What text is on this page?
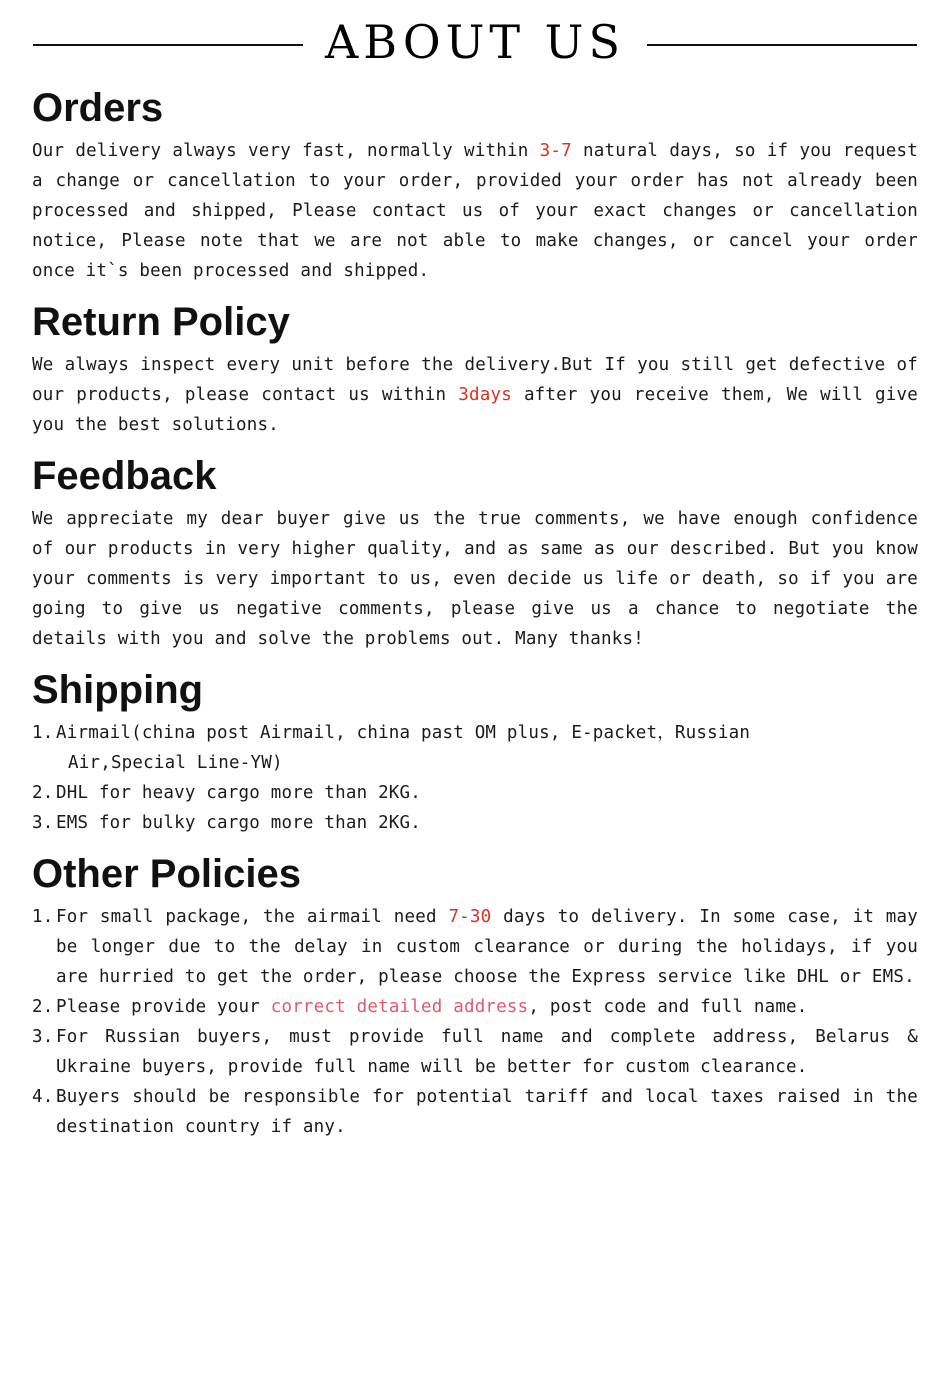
ABOUT US
Orders

Our delivery always very fast, normally within 3-7 natural days, so if you request a change or cancellation to your order, provided your order has not already been processed and shipped, Please contact us of your exact changes or cancellation notice, Please note that we are not able to make changes, or cancel your order once it`s been processed and shipped.

Return Policy

We always inspect every unit before the delivery.But If you still get defective of our products, please contact us within 3days after you receive them, We will give you the best solutions.

Feedback

We appreciate my dear buyer give us the true comments, we have enough confidence of our products in very higher quality, and as same as our described. But you know your comments is very important to us, even decide us life or death, so if you are going to give us negative comments, please give us a chance to negotiate the details with you and solve the problems out. Many thanks!

Shipping
1. Airmail(china post Airmail, china past OM plus, E-packet，Russian
Air,Special Line-YW)
2. DHL for heavy cargo more than 2KG.
3. EMS for bulky cargo more than 2KG.
Other Policies
1. For small package, the airmail need 7-30 days to delivery. In some case, it may be longer due to the delay in custom clearance or during the holidays, if you are hurried to get the order, please choose the Express service like DHL or EMS.
2. Please provide your correct detailed address, post code and full name.
3. For Russian buyers, must provide full name and complete address, Belarus & Ukraine buyers, provide full name will be better for custom clearance.
4. Buyers should be responsible for potential tariff and local taxes raised in the destination country if any.
